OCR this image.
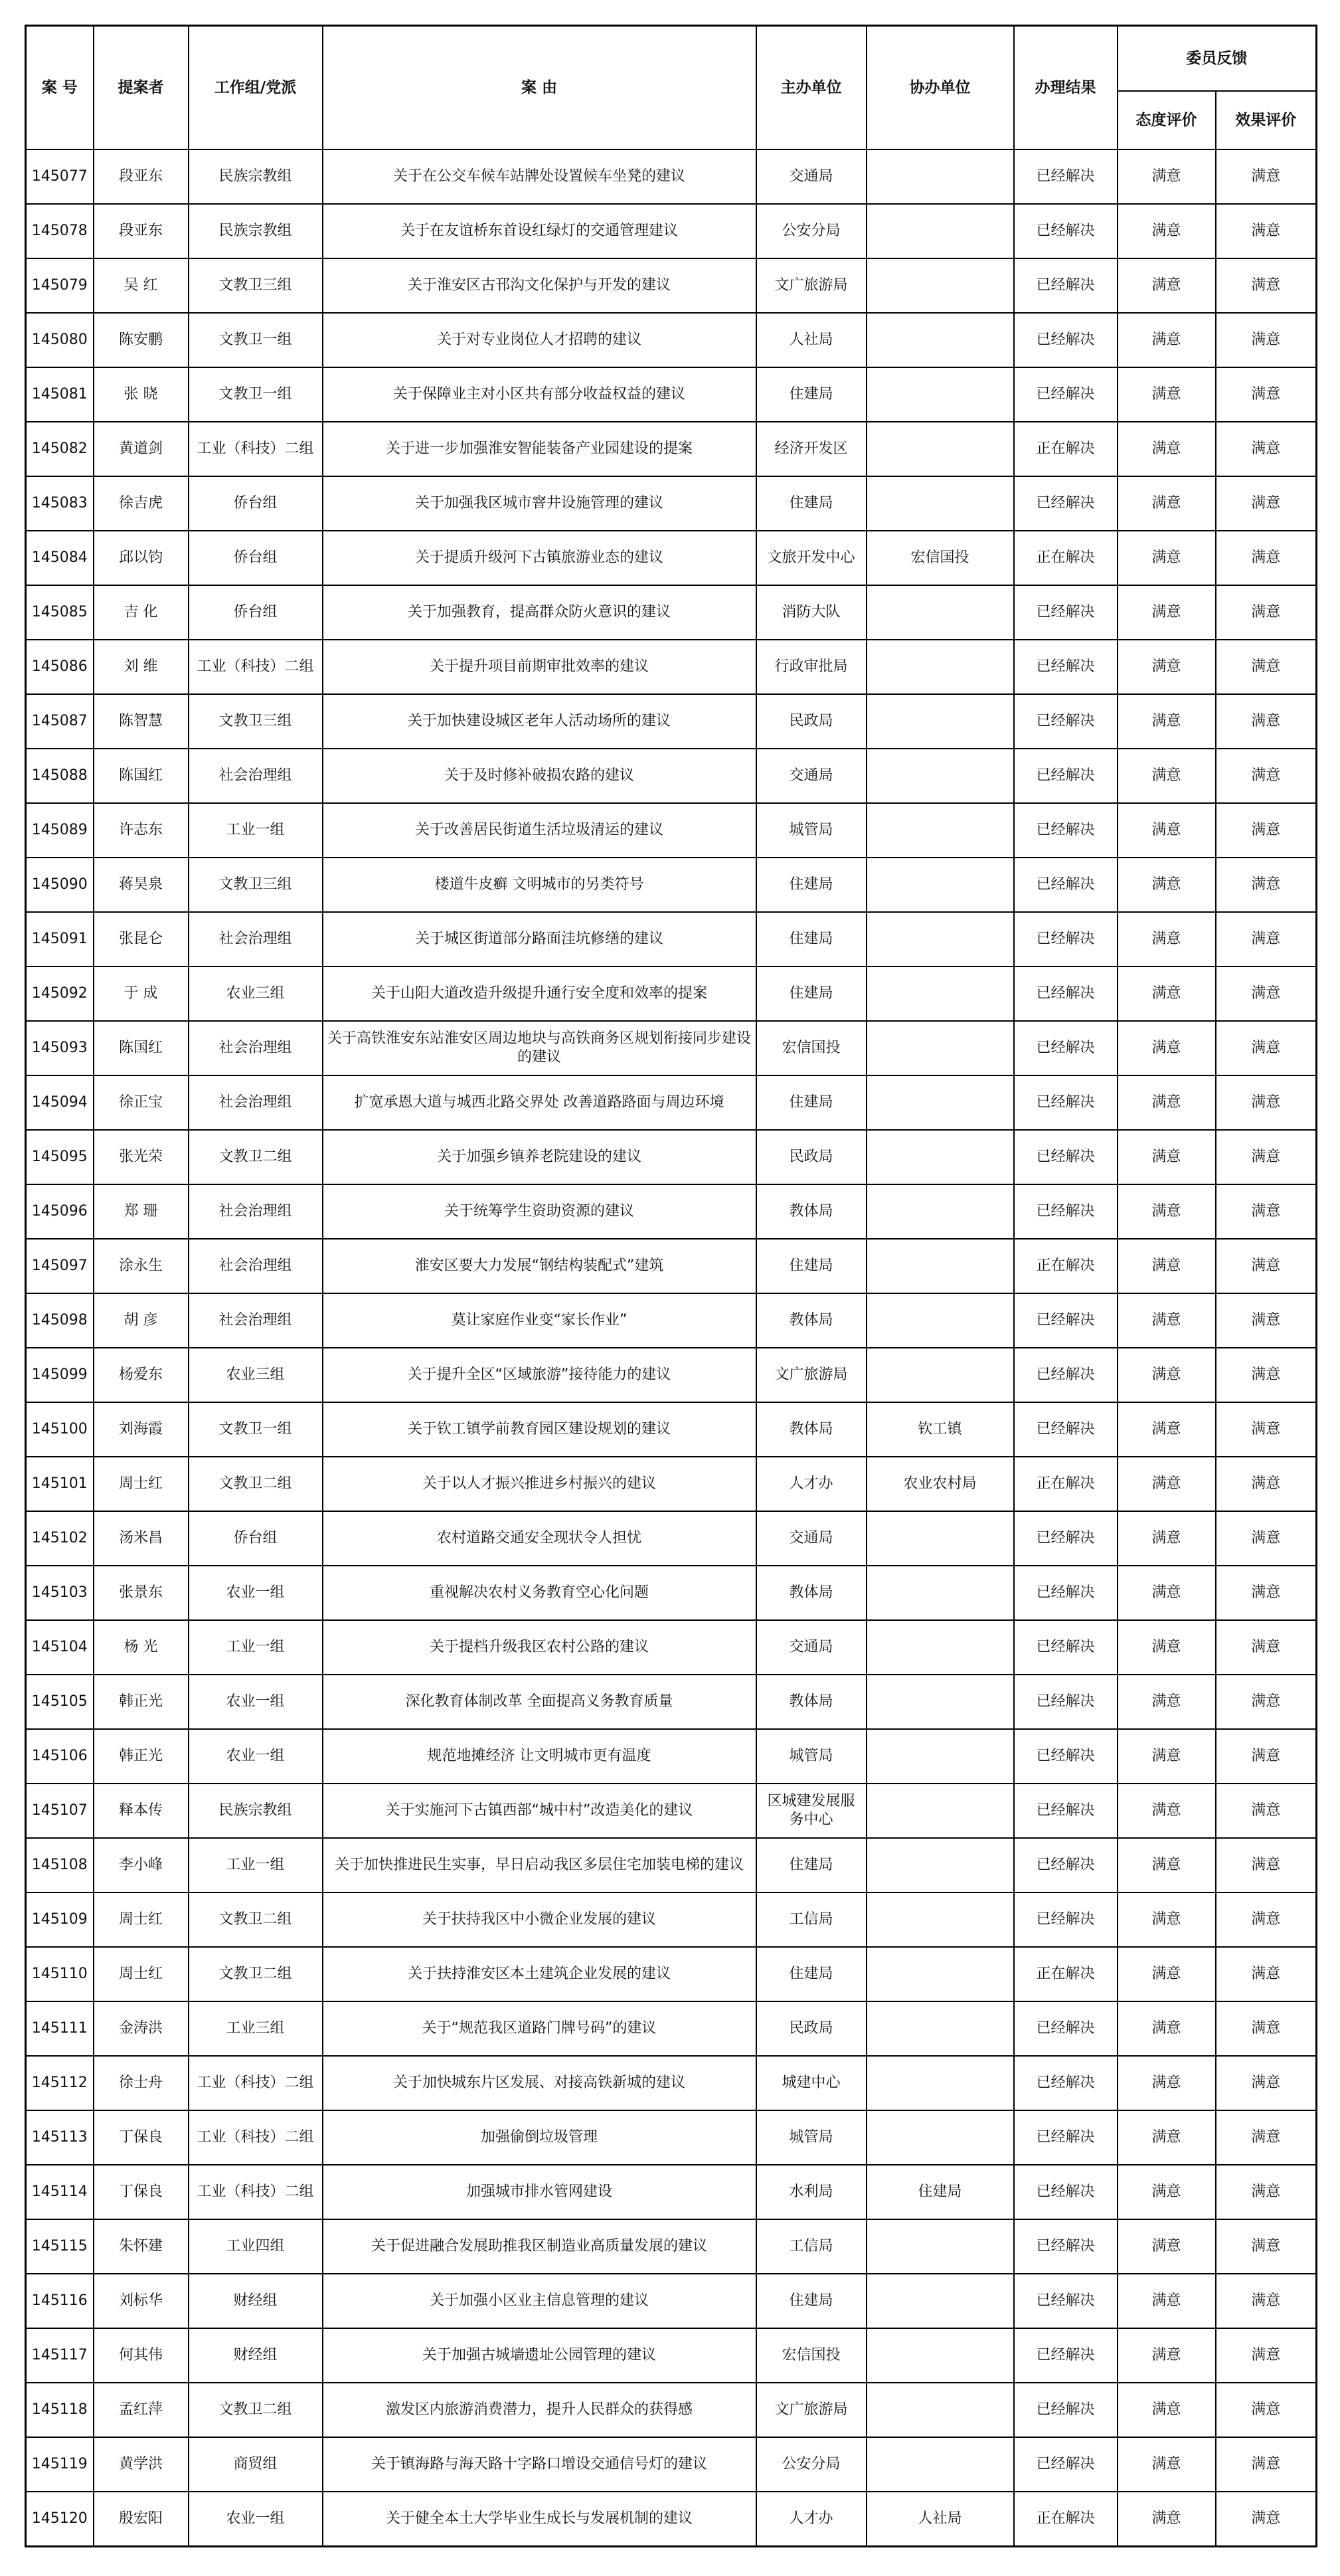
案 号	提案者	工作组/党派	案 由	主办单位	协办单位	办理结果	委员反馈	
							态度评价	效果评价
145077	段亚东	民族宗教组	关于在公交车候车站牌处设置候车坐凳的建议	交通局		已经解决	满意	满意
145078	段亚东	民族宗教组	关于在友谊桥东首设红绿灯的交通管理建议	公安分局		已经解决	满意	满意
145079	吴 红	文教卫三组	关于淮安区古邗沟文化保护与开发的建议	文广旅游局		已经解决	满意	满意
145080	陈安鹏	文教卫一组	关于对专业岗位人才招聘的建议	人社局		已经解决	满意	满意
145081	张 晓	文教卫一组	关于保障业主对小区共有部分收益权益的建议	住建局		已经解决	满意	满意
145082	黄道剑	工业（科技）二组	关于进一步加强淮安智能装备产业园建设的提案	经济开发区		正在解决	满意	满意
145083	徐吉虎	侨台组	关于加强我区城市窨井设施管理的建议	住建局		已经解决	满意	满意
145084	邱以钧	侨台组	关于提质升级河下古镇旅游业态的建议	文旅开发中心	宏信国投	正在解决	满意	满意
145085	吉 化	侨台组	关于加强教育，提高群众防火意识的建议	消防大队		已经解决	满意	满意
145086	刘 维	工业（科技）二组	关于提升项目前期审批效率的建议	行政审批局		已经解决	满意	满意
145087	陈智慧	文教卫三组	关于加快建设城区老年人活动场所的建议	民政局		已经解决	满意	满意
145088	陈国红	社会治理组	关于及时修补破损农路的建议	交通局		已经解决	满意	满意
145089	许志东	工业一组	关于改善居民街道生活垃圾清运的建议	城管局		已经解决	满意	满意
145090	蒋昊泉	文教卫三组	楼道牛皮癣 文明城市的另类符号	住建局		已经解决	满意	满意
145091	张昆仑	社会治理组	关于城区街道部分路面洼坑修缮的建议	住建局		已经解决	满意	满意
145092	于 成	农业三组	关于山阳大道改造升级提升通行安全度和效率的提案	住建局		已经解决	满意	满意
145093	陈国红	社会治理组	关于高铁淮安东站淮安区周边地块与高铁商务区规划衔接同步建设的建议	宏信国投		已经解决	满意	满意
145094	徐正宝	社会治理组	扩宽承恩大道与城西北路交界处 改善道路路面与周边环境	住建局		已经解决	满意	满意
145095	张光荣	文教卫二组	关于加强乡镇养老院建设的建议	民政局		已经解决	满意	满意
145096	郑 珊	社会治理组	关于统筹学生资助资源的建议	教体局		已经解决	满意	满意
145097	涂永生	社会治理组	淮安区要大力发展“钢结构装配式”建筑	住建局		正在解决	满意	满意
145098	胡 彦	社会治理组	莫让家庭作业变“家长作业”	教体局		已经解决	满意	满意
145099	杨爱东	农业三组	关于提升全区“区域旅游”接待能力的建议	文广旅游局		已经解决	满意	满意
145100	刘海霞	文教卫一组	关于钦工镇学前教育园区建设规划的建议	教体局	钦工镇	已经解决	满意	满意
145101	周士红	文教卫二组	关于以人才振兴推进乡村振兴的建议	人才办	农业农村局	正在解决	满意	满意
145102	汤米昌	侨台组	农村道路交通安全现状令人担忧	交通局		已经解决	满意	满意
145103	张景东	农业一组	重视解决农村义务教育空心化问题	教体局		已经解决	满意	满意
145104	杨 光	工业一组	关于提档升级我区农村公路的建议	交通局		已经解决	满意	满意
145105	韩正光	农业一组	深化教育体制改革 全面提高义务教育质量	教体局		已经解决	满意	满意
145106	韩正光	农业一组	规范地摊经济 让文明城市更有温度	城管局		已经解决	满意	满意
145107	释本传	民族宗教组	关于实施河下古镇西部“城中村”改造美化的建议	区城建发展服务中心		已经解决	满意	满意
145108	李小峰	工业一组	关于加快推进民生实事，早日启动我区多层住宅加装电梯的建议	住建局		已经解决	满意	满意
145109	周士红	文教卫二组	关于扶持我区中小微企业发展的建议	工信局		已经解决	满意	满意
145110	周士红	文教卫二组	关于扶持淮安区本土建筑企业发展的建议	住建局		正在解决	满意	满意
145111	金涛洪	工业三组	关于“规范我区道路门牌号码”的建议	民政局		已经解决	满意	满意
145112	徐士舟	工业（科技）二组	关于加快城东片区发展、对接高铁新城的建议	城建中心		已经解决	满意	满意
145113	丁保良	工业（科技）二组	加强偷倒垃圾管理	城管局		已经解决	满意	满意
145114	丁保良	工业（科技）二组	加强城市排水管网建设	水利局	住建局	已经解决	满意	满意
145115	朱怀建	工业四组	关于促进融合发展助推我区制造业高质量发展的建议	工信局		已经解决	满意	满意
145116	刘标华	财经组	关于加强小区业主信息管理的建议	住建局		已经解决	满意	满意
145117	何其伟	财经组	关于加强古城墙遗址公园管理的建议	宏信国投		已经解决	满意	满意
145118	孟红萍	文教卫二组	激发区内旅游消费潜力，提升人民群众的获得感	文广旅游局		已经解决	满意	满意
145119	黄学洪	商贸组	关于镇海路与海天路十字路口增设交通信号灯的建议	公安分局		已经解决	满意	满意
145120	殷宏阳	农业一组	关于健全本土大学毕业生成长与发展机制的建议	人才办	人社局	正在解决	满意	满意
